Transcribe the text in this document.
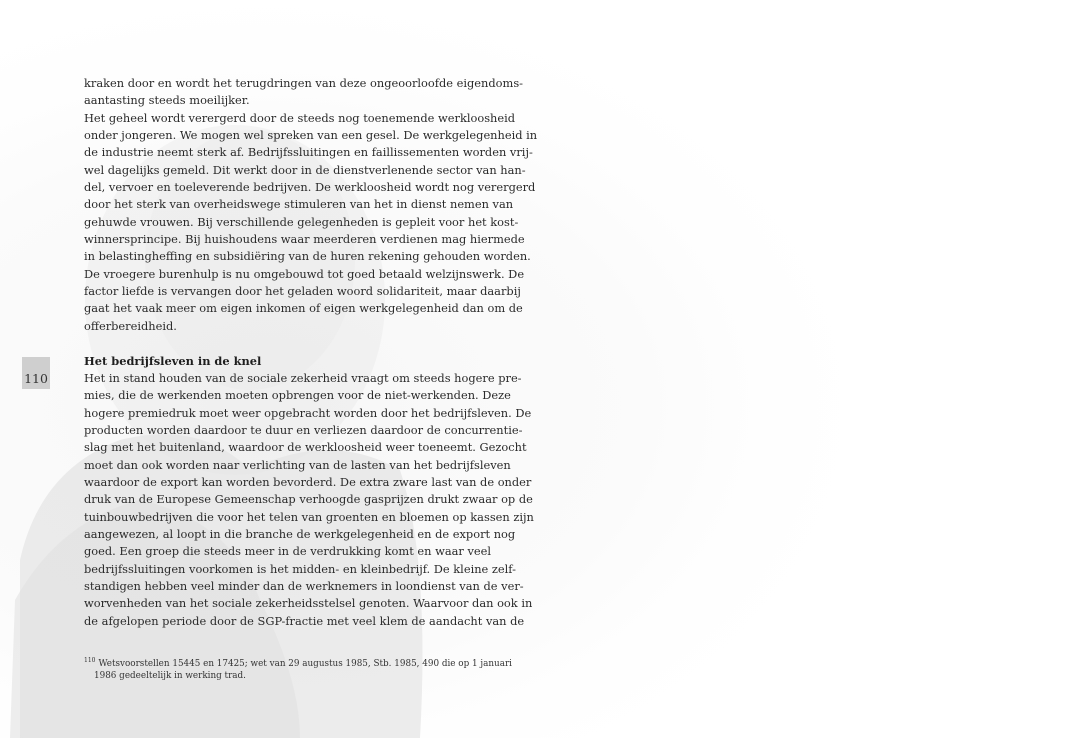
110
kraken door en wordt het terugdringen van deze ongeoorloofde eigendoms-
aantasting steeds moeilijker.
Het geheel wordt verergerd door de steeds nog toenemende werkloosheid
onder jongeren. We mogen wel spreken van een gesel. De werkgelegenheid in
de industrie neemt sterk af. Bedrijfssluitingen en faillissementen worden vrij-
wel dagelijks gemeld. Dit werkt door in de dienstverlenende sector van han-
del, vervoer en toeleverende bedrijven. De werkloosheid wordt nog verergerd
door het sterk van overheidswege stimuleren van het in dienst nemen van
gehuwde vrouwen. Bij verschillende gelegenheden is gepleit voor het kost-
winnersprincipe. Bij huishoudens waar meerderen verdienen mag hiermede
in belastingheffing en subsidiëring van de huren rekening gehouden worden.
De vroegere burenhulp is nu omgebouwd tot goed betaald welzijnswerk. De
factor liefde is vervangen door het geladen woord solidariteit, maar daarbij
gaat het vaak meer om eigen inkomen of eigen werkgelegenheid dan om de
offerbereidheid.
Het bedrijfsleven in de knel
Het in stand houden van de sociale zekerheid vraagt om steeds hogere pre-
mies, die de werkenden moeten opbrengen voor de niet-werkenden. Deze
hogere premiedruk moet weer opgebracht worden door het bedrijfsleven. De
producten worden daardoor te duur en verliezen daardoor de concurrentie-
slag met het buitenland, waardoor de werkloosheid weer toeneemt. Gezocht
moet dan ook worden naar verlichting van de lasten van het bedrijfsleven
waardoor de export kan worden bevorderd. De extra zware last van de onder
druk van de Europese Gemeenschap verhoogde gasprijzen drukt zwaar op de
tuinbouwbedrijven die voor het telen van groenten en bloemen op kassen zijn
aangewezen, al loopt in die branche de werkgelegenheid en de export nog
goed. Een groep die steeds meer in de verdrukking komt en waar veel
bedrijfssluitingen voorkomen is het midden- en kleinbedrijf. De kleine zelf-
standigen hebben veel minder dan de werknemers in loondienst van de ver-
worvenheden van het sociale zekerheidsstelsel genoten. Waarvoor dan ook in
de afgelopen periode door de SGP-fractie met veel klem de aandacht van de
$^{110}$ Wetsvoorstellen 15445 en 17425; wet van 29 augustus 1985, Stb. 1985, 490 die op 1 januari
1986 gedeeltelijk in werking trad.
